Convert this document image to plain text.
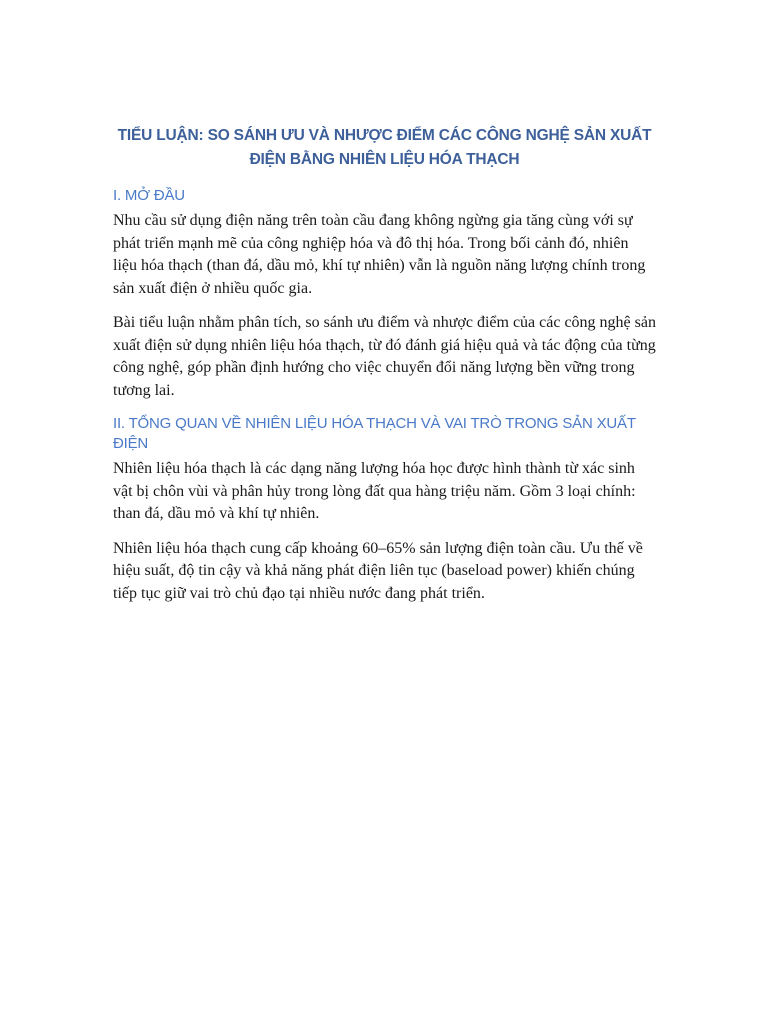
TIỂU LUẬN: SO SÁNH ƯU VÀ NHƯỢC ĐIỂM CÁC CÔNG NGHỆ SẢN XUẤT
ĐIỆN BẰNG NHIÊN LIỆU HÓA THẠCH
I. MỞ ĐẦU

Nhu cầu sử dụng điện năng trên toàn cầu đang không ngừng gia tăng cùng với sự phát triển mạnh mẽ của công nghiệp hóa và đô thị hóa. Trong bối cảnh đó, nhiên liệu hóa thạch (than đá, dầu mỏ, khí tự nhiên) vẫn là nguồn năng lượng chính trong sản xuất điện ở nhiều quốc gia.

Bài tiểu luận nhằm phân tích, so sánh ưu điểm và nhược điểm của các công nghệ sản xuất điện sử dụng nhiên liệu hóa thạch, từ đó đánh giá hiệu quả và tác động của từng công nghệ, góp phần định hướng cho việc chuyển đổi năng lượng bền vững trong tương lai.

II. TỔNG QUAN VỀ NHIÊN LIỆU HÓA THẠCH VÀ VAI TRÒ TRONG SẢN XUẤT ĐIỆN

Nhiên liệu hóa thạch là các dạng năng lượng hóa học được hình thành từ xác sinh vật bị chôn vùi và phân hủy trong lòng đất qua hàng triệu năm. Gồm 3 loại chính: than đá, dầu mỏ và khí tự nhiên.

Nhiên liệu hóa thạch cung cấp khoảng 60–65% sản lượng điện toàn cầu. Ưu thế về hiệu suất, độ tin cậy và khả năng phát điện liên tục (baseload power) khiến chúng tiếp tục giữ vai trò chủ đạo tại nhiều nước đang phát triển.
